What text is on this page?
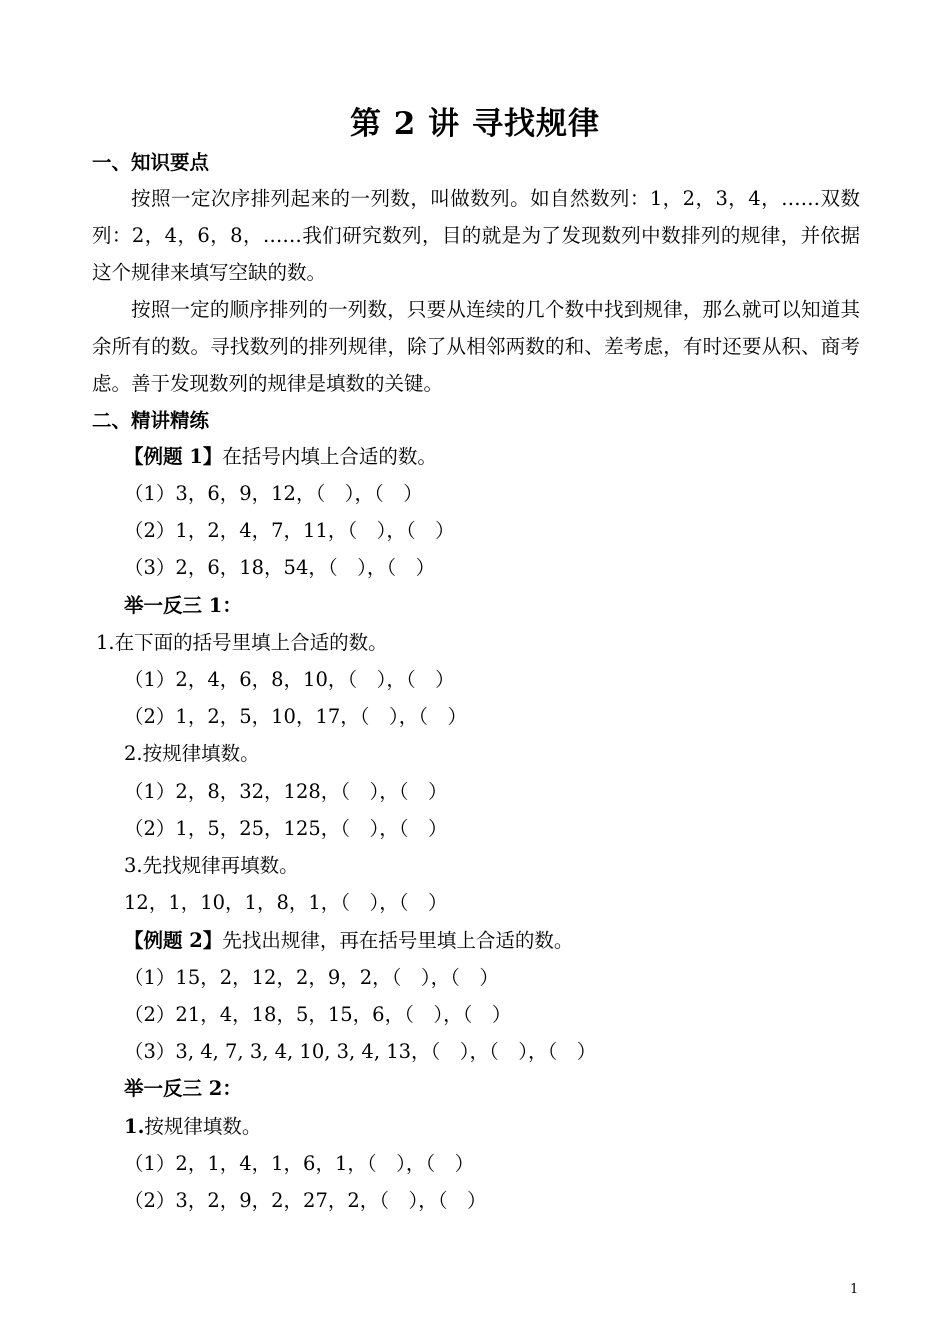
第 2 讲 寻找规律
一、知识要点
按照一定次序排列起来的一列数，叫做数列。如自然数列：1，2，3，4，……双数列：2，4，6，8，……我们研究数列，目的就是为了发现数列中数排列的规律，并依据这个规律来填写空缺的数。
按照一定的顺序排列的一列数，只要从连续的几个数中找到规律，那么就可以知道其余所有的数。寻找数列的排列规律，除了从相邻两数的和、差考虑，有时还要从积、商考虑。善于发现数列的规律是填数的关键。
二、精讲精练
【例题 1】在括号内填上合适的数。
（1）3，6，9，12，（　），（　）
（2）1，2，4，7，11，（　），（　）
（3）2，6，18，54，（　），（　）
举一反三 1：
1.在下面的括号里填上合适的数。
（1）2，4，6，8，10，（　），（　）
（2）1，2，5，10，17，（　），（　）
2.按规律填数。
（1）2，8，32，128，（　），（　）
（2）1，5，25，125，（　），（　）
3.先找规律再填数。
12，1，10，1，8，1，（　），（　）
【例题 2】先找出规律，再在括号里填上合适的数。
（1）15，2，12，2，9，2，（　），（　）
（2）21，4，18，5，15，6，（　），（　）
（3）3, 4, 7, 3, 4, 10, 3, 4, 13，（　），（　），（　）
举一反三 2：
1.按规律填数。
（1）2，1，4，1，6，1，（　），（　）
（2）3，2，9，2，27，2，（　），（　）
1
